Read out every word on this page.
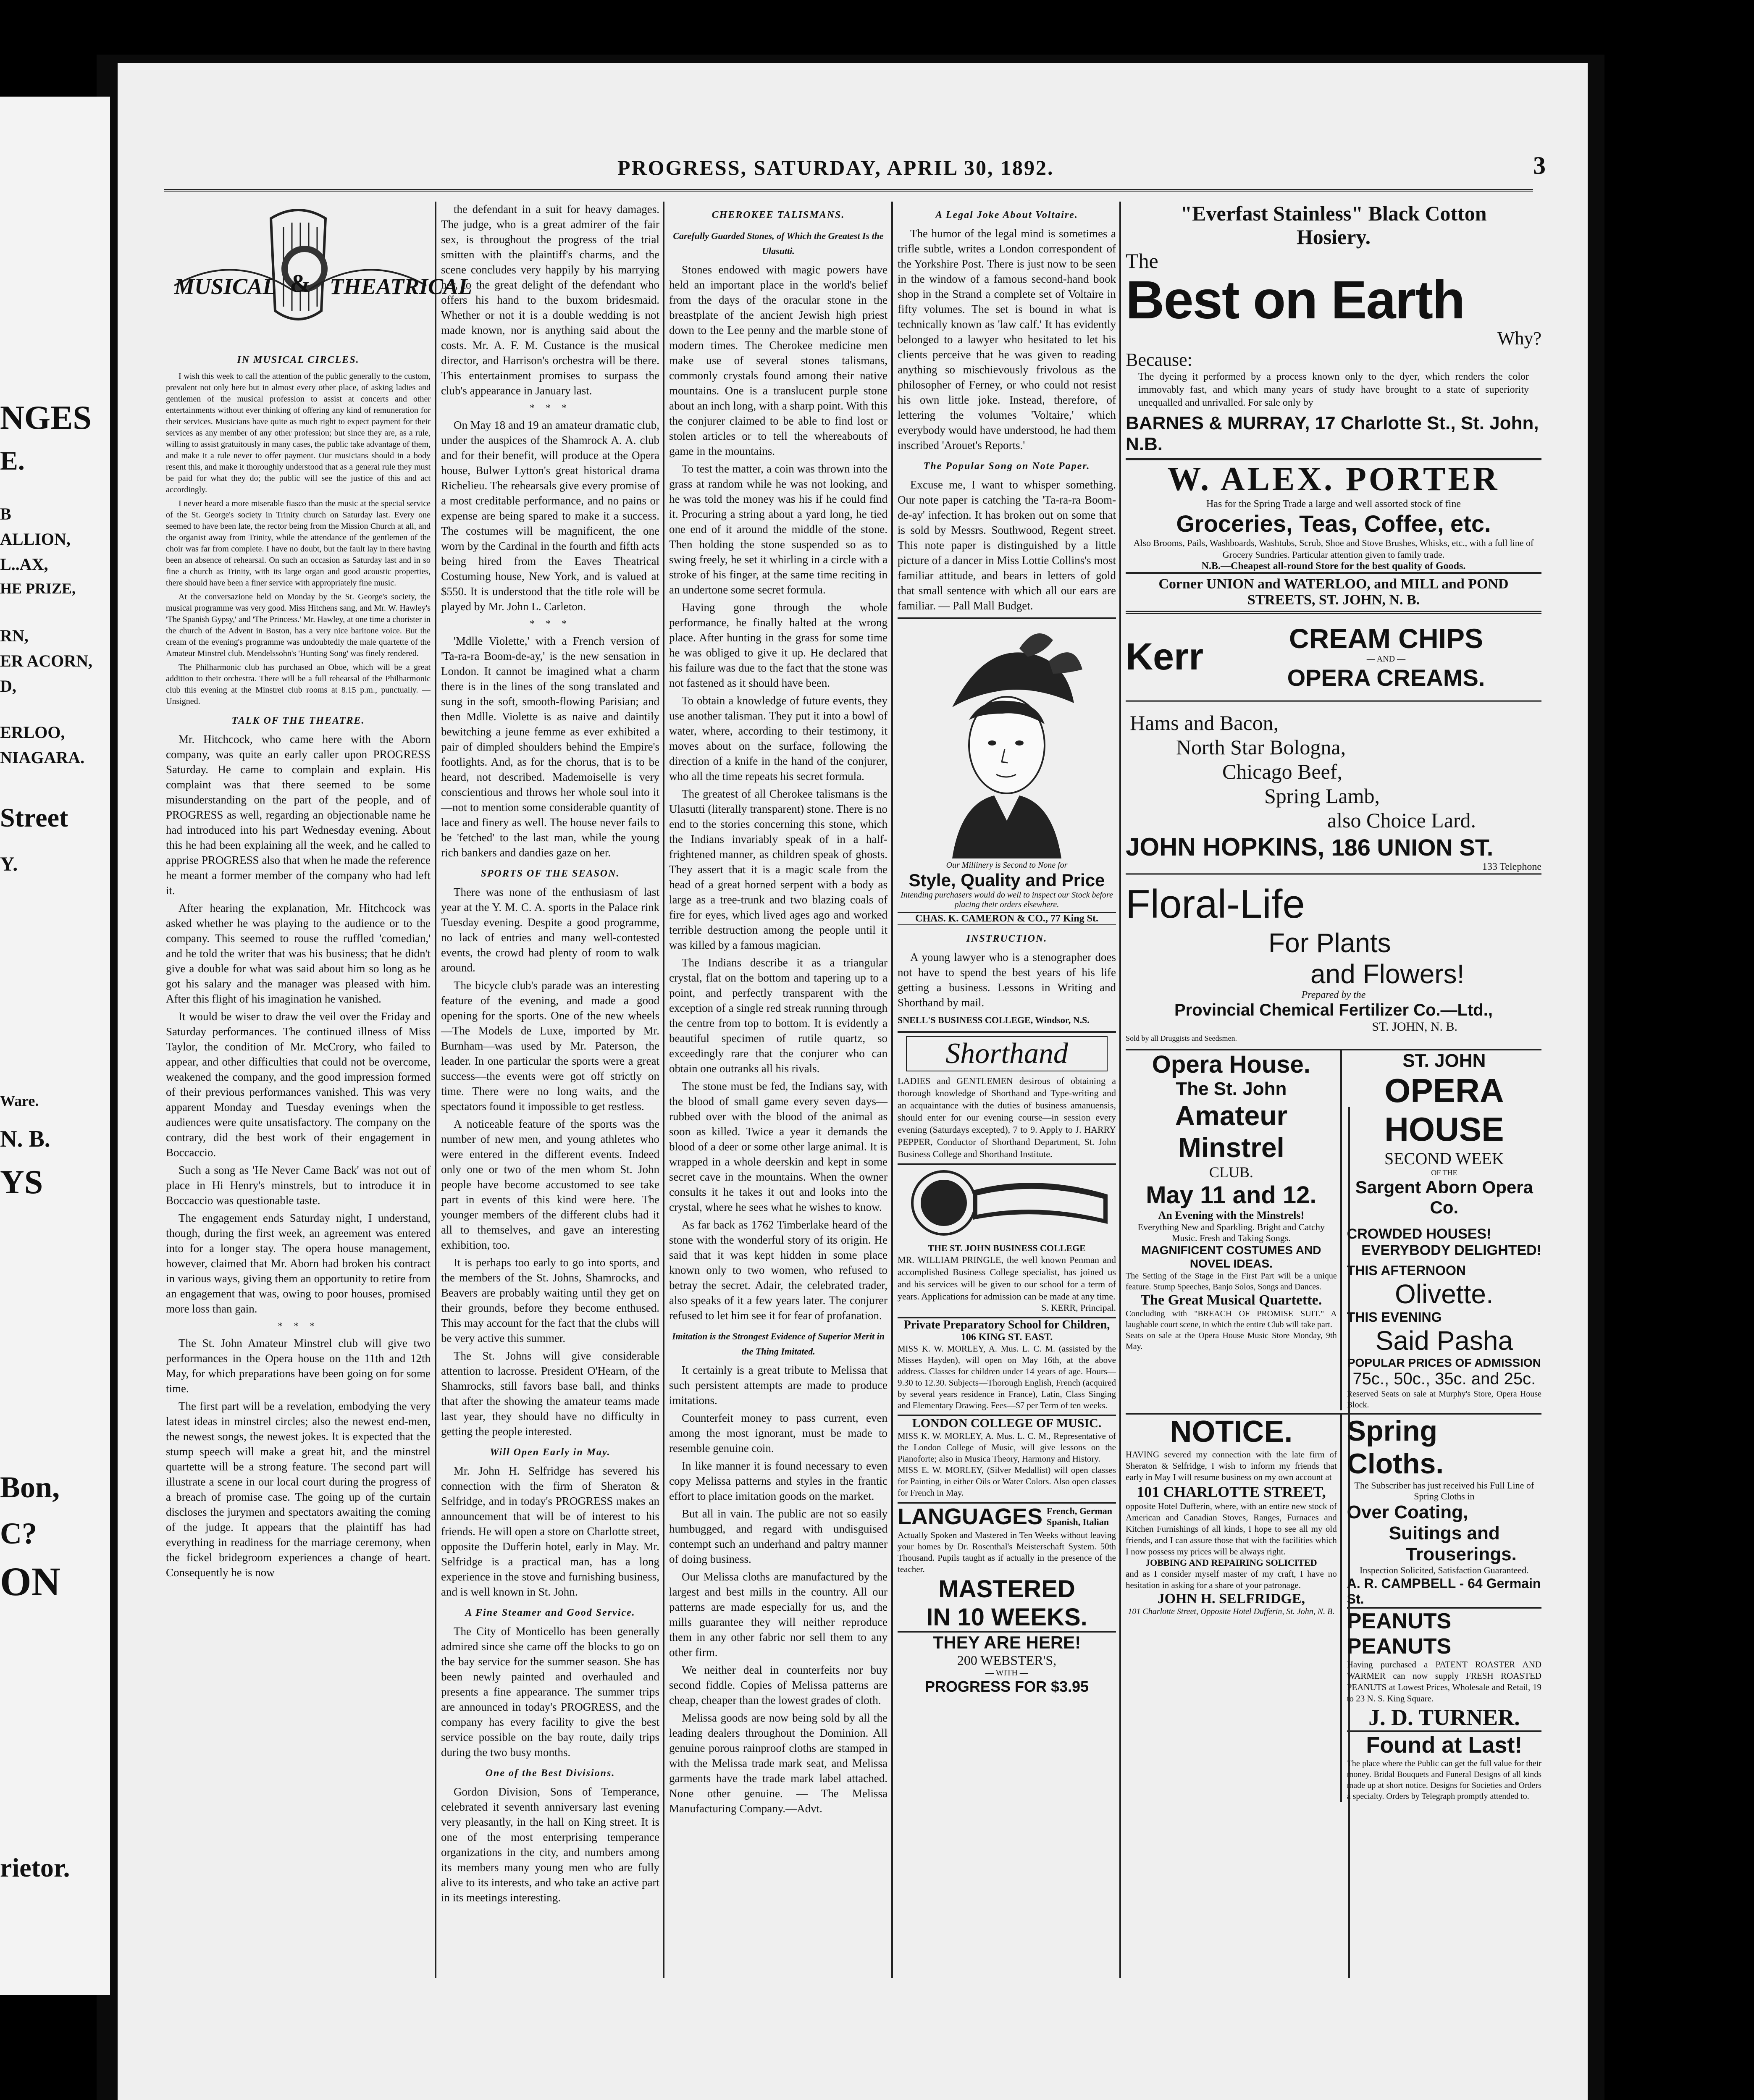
NGES
E.
B
ALLION,
L..AX,
HE PRIZE,
RN,
ER ACORN,
D,
ERLOO,
NIAGARA.
Street
Y.
Ware.
N. B.
YS
Bon,
C?
ON
rietor.
PROGRESS, SATURDAY, APRIL 30, 1892.	3
MUSICAL THEATRICAL
&
IN MUSICAL CIRCLES.

I wish this week to call the attention of the public generally to the custom, prevalent not only here but in almost every other place, of asking ladies and gentlemen of the musical profession to assist at concerts and other entertainments without ever thinking of offering any kind of remuneration for their services. Musicians have quite as much right to expect payment for their services as any member of any other profession; but since they are, as a rule, willing to assist gratuitously in many cases, the public take advantage of them, and make it a rule never to offer payment. Our musicians should in a body resent this, and make it thoroughly understood that as a general rule they must be paid for what they do; the public will see the justice of this and act accordingly.

I never heard a more miserable fiasco than the music at the special service of the St. George's society in Trinity church on Saturday last. Every one seemed to have been late, the rector being from the Mission Church at all, and the organist away from Trinity, while the attendance of the gentlemen of the choir was far from complete. I have no doubt, but the fault lay in there having been an absence of rehearsal. On such an occasion as Saturday last and in so fine a church as Trinity, with its large organ and good acoustic properties, there should have been a finer service with appropriately fine music.

At the conversazione held on Monday by the St. George's society, the musical programme was very good. Miss Hitchens sang, and Mr. W. Hawley's 'The Spanish Gypsy,' and 'The Princess.' Mr. Hawley, at one time a chorister in the church of the Advent in Boston, has a very nice baritone voice. But the cream of the evening's programme was undoubtedly the male quartette of the Amateur Minstrel club. Mendelssohn's 'Hunting Song' was finely rendered.

The Philharmonic club has purchased an Oboe, which will be a great addition to their orchestra. There will be a full rehearsal of the Philharmonic club this evening at the Minstrel club rooms at 8.15 p.m., punctually. — Unsigned.

TALK OF THE THEATRE.

Mr. Hitchcock, who came here with the Aborn company, was quite an early caller upon PROGRESS Saturday. He came to complain and explain. His complaint was that there seemed to be some misunderstanding on the part of the people, and of PROGRESS as well, regarding an objectionable name he had introduced into his part Wednesday evening. About this he had been explaining all the week, and he called to apprise PROGRESS also that when he made the reference he meant a former member of the company who had left it.

After hearing the explanation, Mr. Hitchcock was asked whether he was playing to the audience or to the company. This seemed to rouse the ruffled 'comedian,' and he told the writer that was his business; that he didn't give a double for what was said about him so long as he got his salary and the manager was pleased with him. After this flight of his imagination he vanished.

It would be wiser to draw the veil over the Friday and Saturday performances. The continued illness of Miss Taylor, the condition of Mr. McCrory, who failed to appear, and other difficulties that could not be overcome, weakened the company, and the good impression formed of their previous performances vanished. This was very apparent Monday and Tuesday evenings when the audiences were quite unsatisfactory. The company on the contrary, did the best work of their engagement in Boccaccio.

Such a song as 'He Never Came Back' was not out of place in Hi Henry's minstrels, but to introduce it in Boccaccio was questionable taste.

The engagement ends Saturday night, I understand, though, during the first week, an agreement was entered into for a longer stay. The opera house management, however, claimed that Mr. Aborn had broken his contract in various ways, giving them an opportunity to retire from an engagement that was, owing to poor houses, promised more loss than gain.

* * *

The St. John Amateur Minstrel club will give two performances in the Opera house on the 11th and 12th May, for which preparations have been going on for some time.

The first part will be a revelation, embodying the very latest ideas in minstrel circles; also the newest end-men, the newest songs, the newest jokes. It is expected that the stump speech will make a great hit, and the minstrel quartette will be a strong feature. The second part will illustrate a scene in our local court during the progress of a breach of promise case. The going up of the curtain discloses the jurymen and spectators awaiting the coming of the judge. It appears that the plaintiff has had everything in readiness for the marriage ceremony, when the fickel bridegroom experiences a change of heart. Consequently he is now

the defendant in a suit for heavy damages. The judge, who is a great admirer of the fair sex, is throughout the progress of the trial smitten with the plaintiff's charms, and the scene concludes very happily by his marrying her, to the great delight of the defendant who offers his hand to the buxom bridesmaid. Whether or not it is a double wedding is not made known, nor is anything said about the costs. Mr. A. F. M. Custance is the musical director, and Harrison's orchestra will be there. This entertainment promises to surpass the club's appearance in January last.

* * *

On May 18 and 19 an amateur dramatic club, under the auspices of the Shamrock A. A. club and for their benefit, will produce at the Opera house, Bulwer Lytton's great historical drama Richelieu. The rehearsals give every promise of a most creditable performance, and no pains or expense are being spared to make it a success. The costumes will be magnificent, the one worn by the Cardinal in the fourth and fifth acts being hired from the Eaves Theatrical Costuming house, New York, and is valued at $550. It is understood that the title role will be played by Mr. John L. Carleton.

* * *

'Mdlle Violette,' with a French version of 'Ta-ra-ra Boom-de-ay,' is the new sensation in London. It cannot be imagined what a charm there is in the lines of the song translated and sung in the soft, smooth-flowing Parisian; and then Mdlle. Violette is as naive and daintily bewitching a jeune femme as ever exhibited a pair of dimpled shoulders behind the Empire's footlights. And, as for the chorus, that is to be heard, not described. Mademoiselle is very conscientious and throws her whole soul into it—not to mention some considerable quantity of lace and finery as well. The house never fails to be 'fetched' to the last man, while the young rich bankers and dandies gaze on her.

SPORTS OF THE SEASON.

There was none of the enthusiasm of last year at the Y. M. C. A. sports in the Palace rink Tuesday evening. Despite a good programme, no lack of entries and many well-contested events, the crowd had plenty of room to walk around.

The bicycle club's parade was an interesting feature of the evening, and made a good opening for the sports. One of the new wheels—The Models de Luxe, imported by Mr. Burnham—was used by Mr. Paterson, the leader. In one particular the sports were a great success—the events were got off strictly on time. There were no long waits, and the spectators found it impossible to get restless.

A noticeable feature of the sports was the number of new men, and young athletes who were entered in the different events. Indeed only one or two of the men whom St. John people have become accustomed to see take part in events of this kind were here. The younger members of the different clubs had it all to themselves, and gave an interesting exhibition, too.

It is perhaps too early to go into sports, and the members of the St. Johns, Shamrocks, and Beavers are probably waiting until they get on their grounds, before they become enthused. This may account for the fact that the clubs will be very active this summer.

The St. Johns will give considerable attention to lacrosse. President O'Hearn, of the Shamrocks, still favors base ball, and thinks that after the showing the amateur teams made last year, they should have no difficulty in getting the people interested.

Will Open Early in May.

Mr. John H. Selfridge has severed his connection with the firm of Sheraton & Selfridge, and in today's PROGRESS makes an announcement that will be of interest to his friends. He will open a store on Charlotte street, opposite the Dufferin hotel, early in May. Mr. Selfridge is a practical man, has a long experience in the stove and furnishing business, and is well known in St. John.

A Fine Steamer and Good Service.

The City of Monticello has been generally admired since she came off the blocks to go on the bay service for the summer season. She has been newly painted and overhauled and presents a fine appearance. The summer trips are announced in today's PROGRESS, and the company has every facility to give the best service possible on the bay route, daily trips during the two busy months.

One of the Best Divisions.

Gordon Division, Sons of Temperance, celebrated it seventh anniversary last evening very pleasantly, in the hall on King street. It is one of the most enterprising temperance organizations in the city, and numbers among its members many young men who are fully alive to its interests, and who take an active part in its meetings interesting.

CHEROKEE TALISMANS.
Carefully Guarded Stones, of Which the Greatest Is the Ulasutti.

Stones endowed with magic powers have held an important place in the world's belief from the days of the oracular stone in the breastplate of the ancient Jewish high priest down to the Lee penny and the marble stone of modern times. The Cherokee medicine men make use of several stones talismans, commonly crystals found among their native mountains. One is a translucent purple stone about an inch long, with a sharp point. With this the conjurer claimed to be able to find lost or stolen articles or to tell the whereabouts of game in the mountains.

To test the matter, a coin was thrown into the grass at random while he was not looking, and he was told the money was his if he could find it. Procuring a string about a yard long, he tied one end of it around the middle of the stone. Then holding the stone suspended so as to swing freely, he set it whirling in a circle with a stroke of his finger, at the same time reciting in an undertone some secret formula.

Having gone through the whole performance, he finally halted at the wrong place. After hunting in the grass for some time he was obliged to give it up. He declared that his failure was due to the fact that the stone was not fastened as it should have been.

To obtain a knowledge of future events, they use another talisman. They put it into a bowl of water, where, according to their testimony, it moves about on the surface, following the direction of a knife in the hand of the conjurer, who all the time repeats his secret formula.

The greatest of all Cherokee talismans is the Ulasutti (literally transparent) stone. There is no end to the stories concerning this stone, which the Indians invariably speak of in a half-frightened manner, as children speak of ghosts. They assert that it is a magic scale from the head of a great horned serpent with a body as large as a tree-trunk and two blazing coals of fire for eyes, which lived ages ago and worked terrible destruction among the people until it was killed by a famous magician.

The Indians describe it as a triangular crystal, flat on the bottom and tapering up to a point, and perfectly transparent with the exception of a single red streak running through the centre from top to bottom. It is evidently a beautiful specimen of rutile quartz, so exceedingly rare that the conjurer who can obtain one outranks all his rivals.

The stone must be fed, the Indians say, with the blood of small game every seven days—rubbed over with the blood of the animal as soon as killed. Twice a year it demands the blood of a deer or some other large animal. It is wrapped in a whole deerskin and kept in some secret cave in the mountains. When the owner consults it he takes it out and looks into the crystal, where he sees what he wishes to know.

As far back as 1762 Timberlake heard of the stone with the wonderful story of its origin. He said that it was kept hidden in some place known only to two women, who refused to betray the secret. Adair, the celebrated trader, also speaks of it a few years later. The conjurer refused to let him see it for fear of profanation.

Imitation is the Strongest Evidence of Superior Merit in the Thing Imitated.

It certainly is a great tribute to Melissa that such persistent attempts are made to produce imitations.

Counterfeit money to pass current, even among the most ignorant, must be made to resemble genuine coin.

In like manner it is found necessary to even copy Melissa patterns and styles in the frantic effort to place imitation goods on the market.

But all in vain. The public are not so easily humbugged, and regard with undisguised contempt such an underhand and paltry manner of doing business.

Our Melissa cloths are manufactured by the largest and best mills in the country. All our patterns are made especially for us, and the mills guarantee they will neither reproduce them in any other fabric nor sell them to any other firm.

We neither deal in counterfeits nor buy second fiddle. Copies of Melissa patterns are cheap, cheaper than the lowest grades of cloth.

Melissa goods are now being sold by all the leading dealers throughout the Dominion. All genuine porous rainproof cloths are stamped in with the Melissa trade mark seat, and Melissa garments have the trade mark label attached. None other genuine. — The Melissa Manufacturing Company.—Advt.

A Legal Joke About Voltaire.

The humor of the legal mind is sometimes a trifle subtle, writes a London correspondent of the Yorkshire Post. There is just now to be seen in the window of a famous second-hand book shop in the Strand a complete set of Voltaire in fifty volumes. The set is bound in what is technically known as 'law calf.' It has evidently belonged to a lawyer who hesitated to let his clients perceive that he was given to reading anything so mischievously frivolous as the philosopher of Ferney, or who could not resist his own little joke. Instead, therefore, of lettering the volumes 'Voltaire,' which everybody would have understood, he had them inscribed 'Arouet's Reports.'

The Popular Song on Note Paper.

Excuse me, I want to whisper something. Our note paper is catching the 'Ta-ra-ra Boom-de-ay' infection. It has broken out on some that is sold by Messrs. Southwood, Regent street. This note paper is distinguished by a little picture of a dancer in Miss Lottie Collins's most familiar attitude, and bears in letters of gold that small sentence with which all our ears are familiar. — Pall Mall Budget.

Our Millinery is Second to None for
Style, Quality and Price
Intending purchasers would do well to inspect our Stock before placing their orders elsewhere.
CHAS. K. CAMERON & CO., 77 King St.
INSTRUCTION.

A young lawyer who is a stenographer does not have to spend the best years of his life getting a business. Lessons in Writing and Shorthand by mail.

SNELL'S BUSINESS COLLEGE, Windsor, N.S.
Shorthand
LADIES and GENTLEMEN desirous of obtaining a thorough knowledge of Shorthand and Type-writing and an acquaintance with the duties of business amanuensis, should enter for our evening course—in session every evening (Saturdays excepted), 7 to 9. Apply to J. HARRY PEPPER, Conductor of Shorthand Department, St. John Business College and Shorthand Institute.
THE ST. JOHN BUSINESS COLLEGE
MR. WILLIAM PRINGLE, the well known Penman and accomplished Business College specialist, has joined us and his services will be given to our school for a term of years. Applications for admission can be made at any time.
S. KERR, Principal.
Private Preparatory School for Children,
106 KING ST. EAST.
MISS K. W. MORLEY, A. Mus. L. C. M. (assisted by the Misses Hayden), will open on May 16th, at the above address. Classes for children under 14 years of age. Hours—9.30 to 12.30. Subjects—Thorough English, French (acquired by several years residence in France), Latin, Class Singing and Elementary Drawing. Fees—$7 per Term of ten weeks.
LONDON COLLEGE OF MUSIC.
MISS K. W. MORLEY, A. Mus. L. C. M., Representative of the London College of Music, will give lessons on the Pianoforte; also in Musica Theory, Harmony and History.
MISS E. W. MORLEY, (Silver Medallist) will open classes for Painting, in either Oils or Water Colors. Also open classes for French in May.
LANGUAGES French, German Spanish, Italian
Actually Spoken and Mastered in Ten Weeks without leaving your homes by Dr. Rosenthal's Meisterschaft System. 50th Thousand. Pupils taught as if actually in the presence of the teacher.
MASTERED
IN 10 WEEKS.
THEY ARE HERE!
200 WEBSTER'S,
— WITH —
PROGRESS FOR $3.95
"Everfast Stainless" Black Cotton
Hosiery.
The
Best on Earth
Why?
Because:
The dyeing it performed by a process known only to the dyer, which renders the color immovably fast, and which many years of study have brought to a state of superiority unequalled and unrivalled. For sale only by
BARNES & MURRAY, 17 Charlotte St., St. John, N.B.
W. ALEX. PORTER
Has for the Spring Trade a large and well assorted stock of fine
Groceries, Teas, Coffee, etc.
Also Brooms, Pails, Washboards, Washtubs, Scrub, Shoe and Stove Brushes, Whisks, etc., with a full line of Grocery Sundries. Particular attention given to family trade.
N.B.—Cheapest all-round Store for the best quality of Goods.
Corner UNION and WATERLOO, and MILL and POND STREETS, ST. JOHN, N. B.
Kerr	CREAM CHIPS
— AND —
OPERA CREAMS.
Hams and Bacon,
North Star Bologna,
Chicago Beef,
Spring Lamb,
also Choice Lard.
JOHN HOPKINS, 186 UNION ST.
133 Telephone
Floral-Life
For Plants
and Flowers!
Prepared by the
Provincial Chemical Fertilizer Co.—Ltd.,
ST. JOHN, N. B.
Sold by all Druggists and Seedsmen.
Opera House.
The St. John
Amateur Minstrel
CLUB.
May 11 and 12.
An Evening with the Minstrels!
Everything New and Sparkling. Bright and Catchy Music. Fresh and Taking Songs.
MAGNIFICENT COSTUMES AND NOVEL IDEAS.
The Setting of the Stage in the First Part will be a unique feature. Stump Speeches, Banjo Solos, Songs and Dances.
The Great Musical Quartette.
Concluding with "BREACH OF PROMISE SUIT." A laughable court scene, in which the entire Club will take part.
Seats on sale at the Opera House Music Store Monday, 9th May.
ST. JOHN
OPERA HOUSE
SECOND WEEK
OF THE
Sargent Aborn Opera Co.
CROWDED HOUSES!
EVERYBODY DELIGHTED!
THIS AFTERNOON
Olivette.
THIS EVENING
Said Pasha
POPULAR PRICES OF ADMISSION
75c., 50c., 35c. and 25c.
Reserved Seats on sale at Murphy's Store, Opera House Block.
NOTICE.
HAVING severed my connection with the late firm of Sheraton & Selfridge, I wish to inform my friends that early in May I will resume business on my own account at
101 CHARLOTTE STREET,
opposite Hotel Dufferin, where, with an entire new stock of American and Canadian Stoves, Ranges, Furnaces and Kitchen Furnishings of all kinds, I hope to see all my old friends, and I can assure those that with the facilities which I now possess my prices will be always right.
JOBBING AND REPAIRING SOLICITED
and as I consider myself master of my craft, I have no hesitation in asking for a share of your patronage.
JOHN H. SELFRIDGE,
101 Charlotte Street, Opposite Hotel Dufferin, St. John, N. B.
Spring Cloths.
The Subscriber has just received his Full Line of Spring Cloths in
Over Coating,
Suitings and
Trouserings.
Inspection Solicited, Satisfaction Guaranteed.
A. R. CAMPBELL - 64 Germain St.
PEANUTS PEANUTS
Having purchased a PATENT ROASTER AND WARMER can now supply FRESH ROASTED PEANUTS at Lowest Prices, Wholesale and Retail, 19 to 23 N. S. King Square.
J. D. TURNER.
Found at Last!
The place where the Public can get the full value for their money. Bridal Bouquets and Funeral Designs of all kinds made up at short notice. Designs for Societies and Orders a specialty. Orders by Telegraph promptly attended to.
